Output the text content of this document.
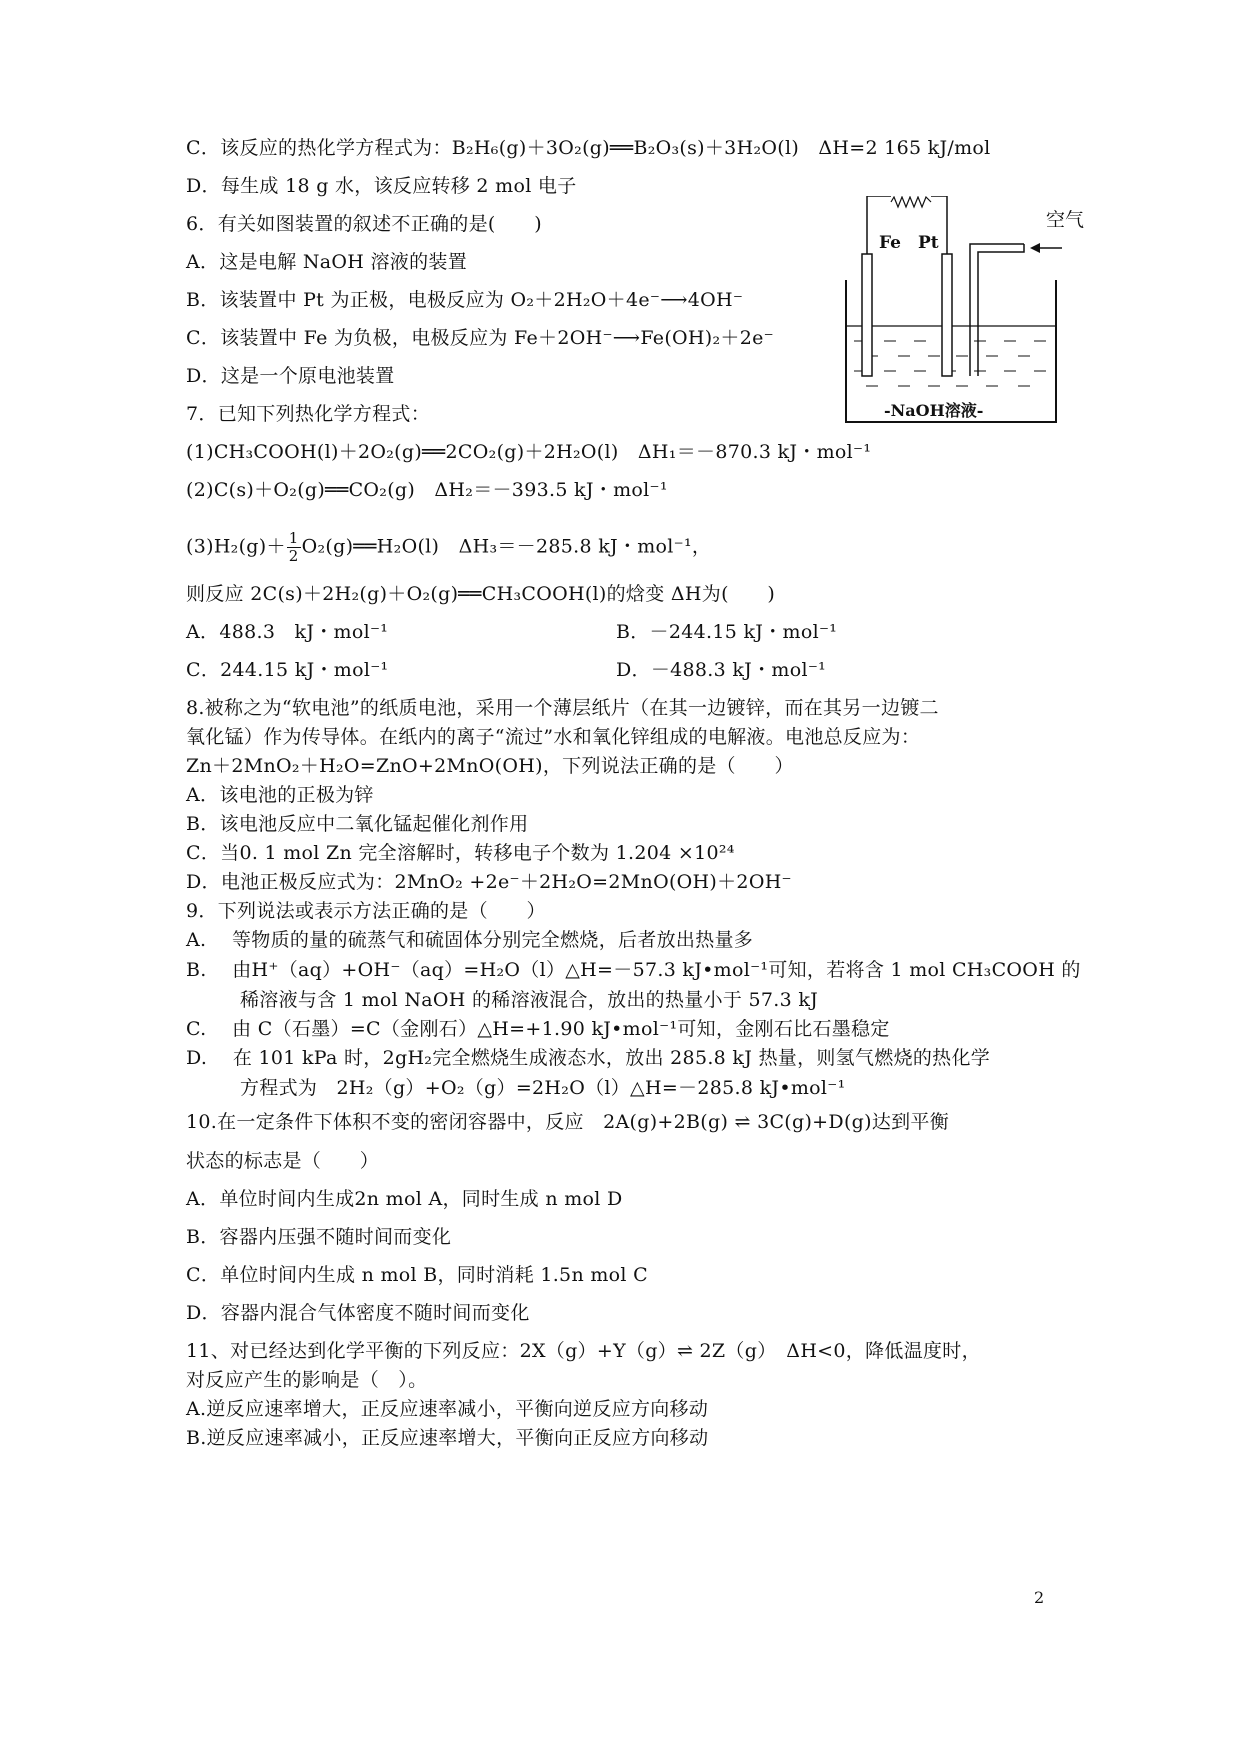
C．该反应的热化学方程式为：B₂H₆(g)＋3O₂(g)══B₂O₃(s)＋3H₂O(l)　ΔH=2 165 kJ/mol
D．每生成 18 g 水，该反应转移 2 mol 电子
6．有关如图装置的叙述不正确的是(　　)
A．这是电解 NaOH 溶液的装置
B．该装置中 Pt 为正极，电极反应为 O₂＋2H₂O＋4e⁻⟶4OH⁻
C．该装置中 Fe 为负极，电极反应为 Fe＋2OH⁻⟶Fe(OH)₂＋2e⁻
D．这是一个原电池装置
Fe Pt
空气
-NaOH溶液-
7．已知下列热化学方程式：
(1)CH₃COOH(l)＋2O₂(g)══2CO₂(g)＋2H₂O(l)　ΔH₁＝－870.3 kJ・mol⁻¹
(2)C(s)＋O₂(g)══CO₂(g)　ΔH₂＝－393.5 kJ・mol⁻¹
$(3)H_2(g)+ \frac{1}{2}$ O₂(g)══H₂O(l)　ΔH₃＝－285.8 kJ・mol⁻¹，
则反应 2C(s)＋2H₂(g)＋O₂(g)══CH₃COOH(l)的焓变 ΔH为(　　)
A．488.3　kJ・mol⁻¹	B．－244.15 kJ・mol⁻¹
C．244.15 kJ・mol⁻¹	D．－488.3 kJ・mol⁻¹
8.被称之为“软电池”的纸质电池，采用一个薄层纸片（在其一边镀锌，而在其另一边镀二
氧化锰）作为传导体。在纸内的离子“流过”水和氧化锌组成的电解液。电池总反应为：
Zn＋2MnO₂＋H₂O=ZnO+2MnO(OH)，下列说法正确的是（　　）
A．该电池的正极为锌
B．该电池反应中二氧化锰起催化剂作用
C．当0. 1 mol Zn 完全溶解时，转移电子个数为 1.204 ×10²⁴
D．电池正极反应式为：2MnO₂ +2e⁻＋2H₂O=2MnO(OH)＋2OH⁻
9．下列说法或表示方法正确的是（　　）
A.　 等物质的量的硫蒸气和硫固体分别完全燃烧，后者放出热量多
B.　 由H⁺（aq）+OH⁻（aq）=H₂O（l）△H=－57.3 kJ•mol⁻¹可知，若将含 1 mol CH₃COOH 的
稀溶液与含 1 mol NaOH 的稀溶液混合，放出的热量小于 57.3 kJ
C.　 由 C（石墨）=C（金刚石）△H=+1.90 kJ•mol⁻¹可知，金刚石比石墨稳定
D.　 在 101 kPa 时，2gH₂完全燃烧生成液态水，放出 285.8 kJ 热量，则氢气燃烧的热化学
方程式为　2H₂（g）+O₂（g）=2H₂O（l）△H=－285.8 kJ•mol⁻¹
10.在一定条件下体积不变的密闭容器中，反应　2A(g)+2B(g) ⇌ 3C(g)+D(g)达到平衡
状态的标志是（　　）
A．单位时间内生成2n mol A，同时生成 n mol D
B．容器内压强不随时间而变化
C．单位时间内生成 n mol B，同时消耗 1.5n mol C
D．容器内混合气体密度不随时间而变化
11、对已经达到化学平衡的下列反应：2X（g）+Y（g）⇌ 2Z（g）　ΔH<0，降低温度时，
对反应产生的影响是（　）。
A.逆反应速率增大，正反应速率减小，平衡向逆反应方向移动
B.逆反应速率减小，正反应速率增大，平衡向正反应方向移动
2
